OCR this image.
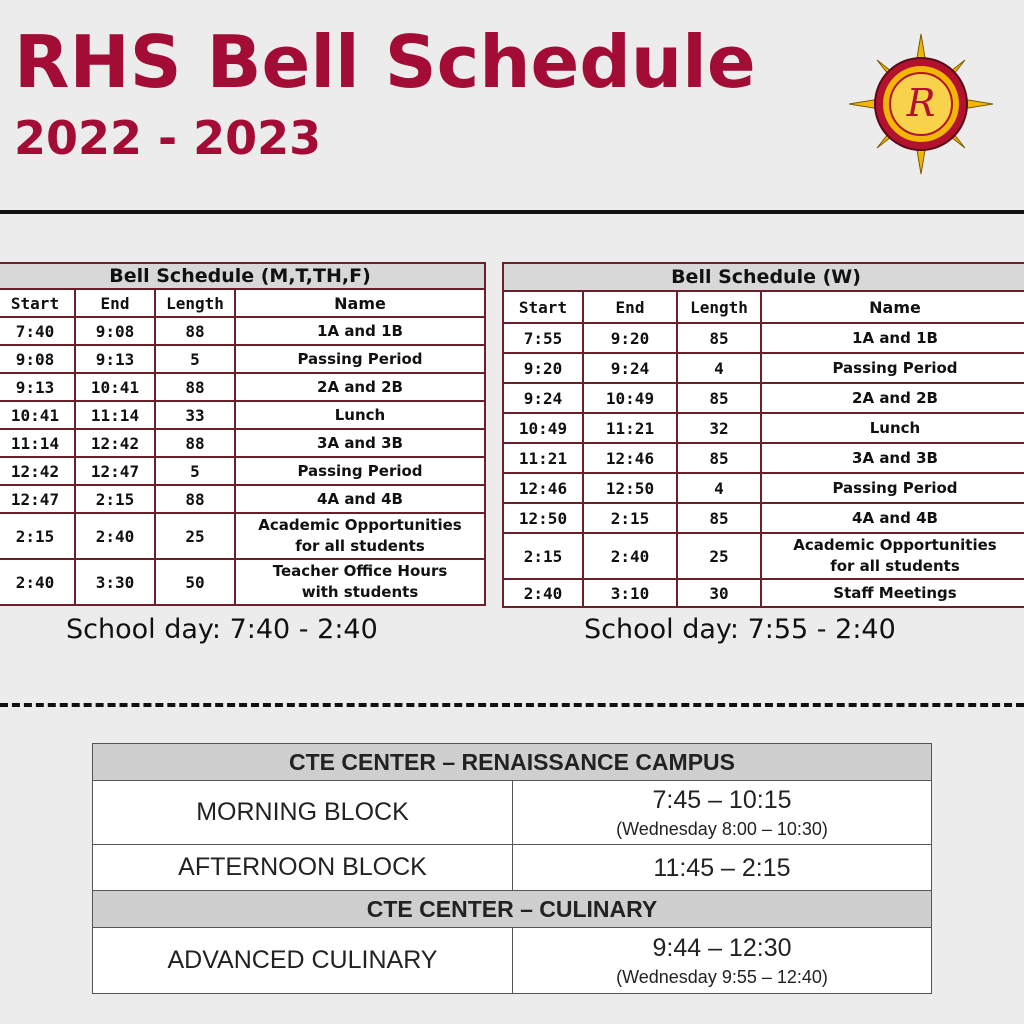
RHS Bell Schedule
2022 - 2023
R
Bell Schedule (M,T,TH,F)			
Start	End	Length	Name
7:40	9:08	88	1A and 1B
9:08	9:13	5	Passing Period
9:13	10:41	88	2A and 2B
10:41	11:14	33	Lunch
11:14	12:42	88	3A and 3B
12:42	12:47	5	Passing Period
12:47	2:15	88	4A and 4B
2:15	2:40	25	Academic Opportunities
for all students
2:40	3:30	50	Teacher Office Hours
with students
Bell Schedule (W)			
Start	End	Length	Name
7:55	9:20	85	1A and 1B
9:20	9:24	4	Passing Period
9:24	10:49	85	2A and 2B
10:49	11:21	32	Lunch
11:21	12:46	85	3A and 3B
12:46	12:50	4	Passing Period
12:50	2:15	85	4A and 4B
2:15	2:40	25	Academic Opportunities
for all students
2:40	3:10	30	Staff Meetings
School day: 7:40 - 2:40	School day: 7:55 - 2:40
CTE CENTER – RENAISSANCE CAMPUS	
MORNING BLOCK	7:45 – 10:15
(Wednesday 8:00 – 10:30)

AFTERNOON BLOCK	11:45 – 2:15

CTE CENTER – CULINARY	
ADVANCED CULINARY	9:44 – 12:30
(Wednesday 9:55 – 12:40)
